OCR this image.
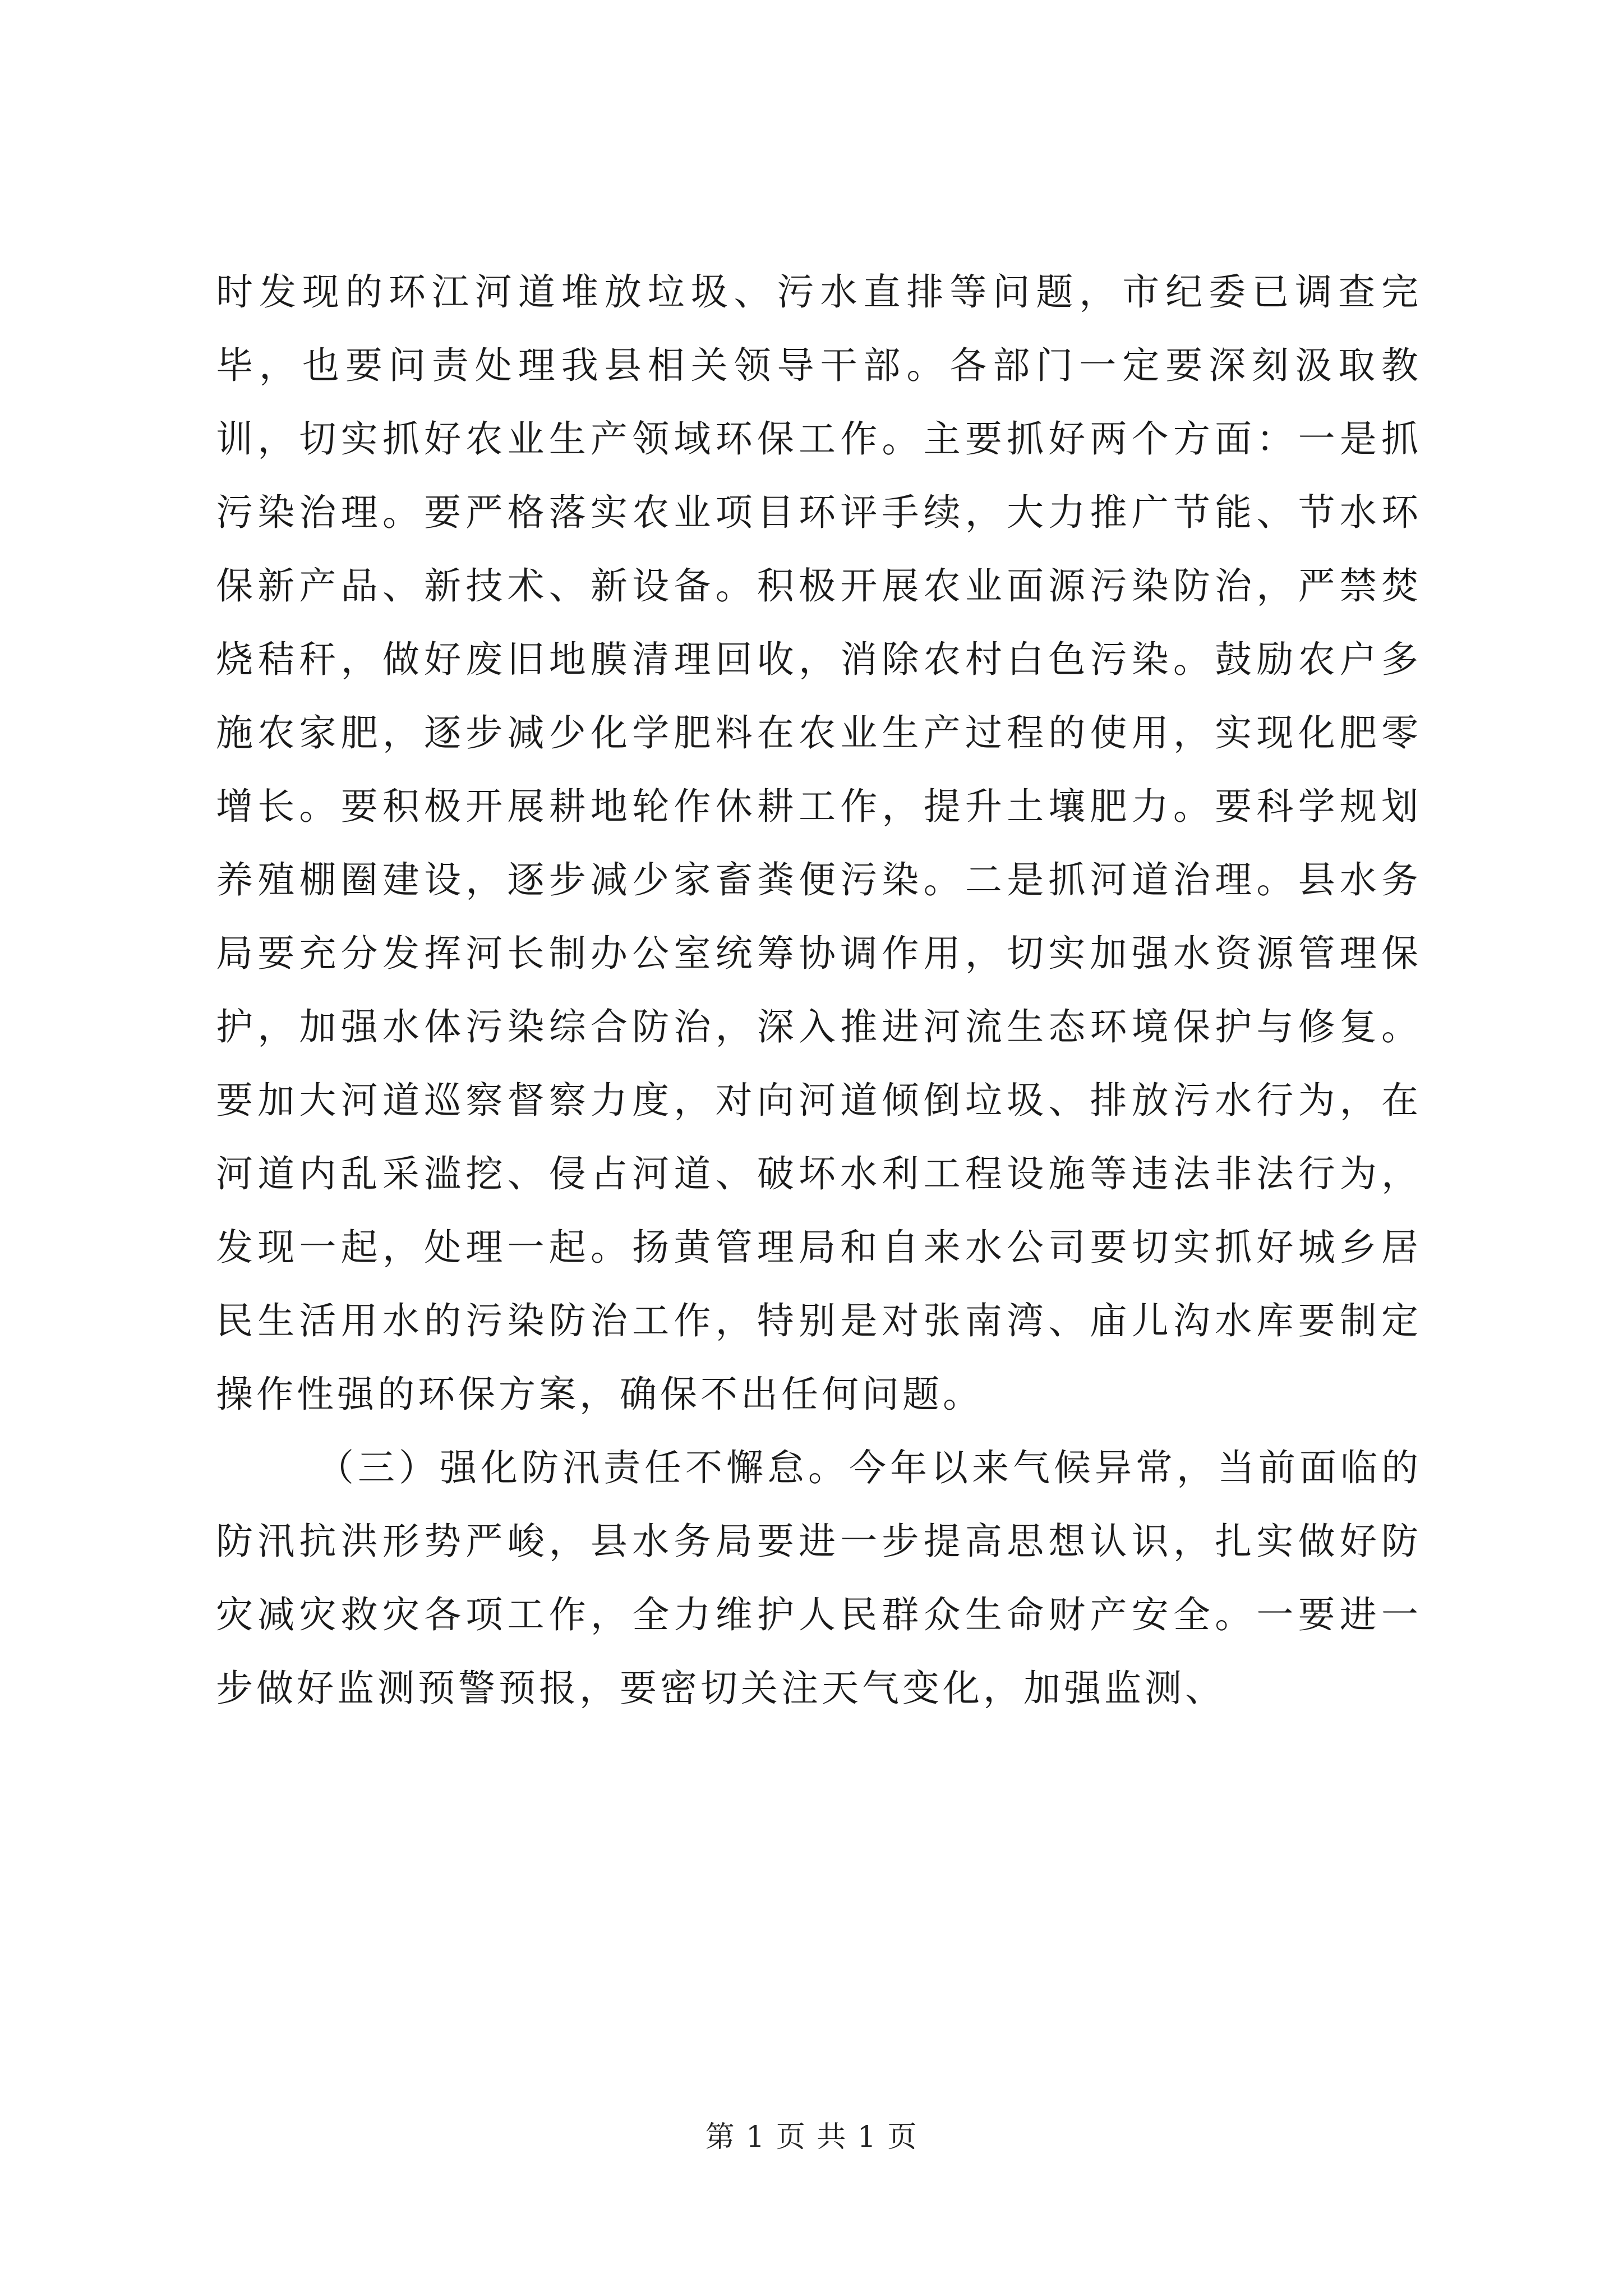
时发现的环江河道堆放垃圾、污水直排等问题，市纪委已调查完毕，也要问责处理我县相关领导干部。各部门一定要深刻汲取教训，切实抓好农业生产领域环保工作。主要抓好两个方面：一是抓污染治理。要严格落实农业项目环评手续，大力推广节能、节水环保新产品、新技术、新设备。积极开展农业面源污染防治，严禁焚烧秸秆，做好废旧地膜清理回收，消除农村白色污染。鼓励农户多施农家肥，逐步减少化学肥料在农业生产过程的使用，实现化肥零增长。要积极开展耕地轮作休耕工作，提升土壤肥力。要科学规划养殖棚圈建设，逐步减少家畜粪便污染。二是抓河道治理。县水务局要充分发挥河长制办公室统筹协调作用，切实加强水资源管理保护，加强水体污染综合防治，深入推进河流生态环境保护与修复。要加大河道巡察督察力度，对向河道倾倒垃圾、排放污水行为，在河道内乱采滥挖、侵占河道、破坏水利工程设施等违法非法行为，发现一起，处理一起。扬黄管理局和自来水公司要切实抓好城乡居民生活用水的污染防治工作，特别是对张南湾、庙儿沟水库要制定操作性强的环保方案，确保不出任何问题。

（三）强化防汛责任不懈怠。今年以来气候异常，当前面临的防汛抗洪形势严峻，县水务局要进一步提高思想认识，扎实做好防灾减灾救灾各项工作，全力维护人民群众生命财产安全。一要进一步做好监测预警预报，要密切关注天气变化，加强监测、

第 1 页 共 1 页
